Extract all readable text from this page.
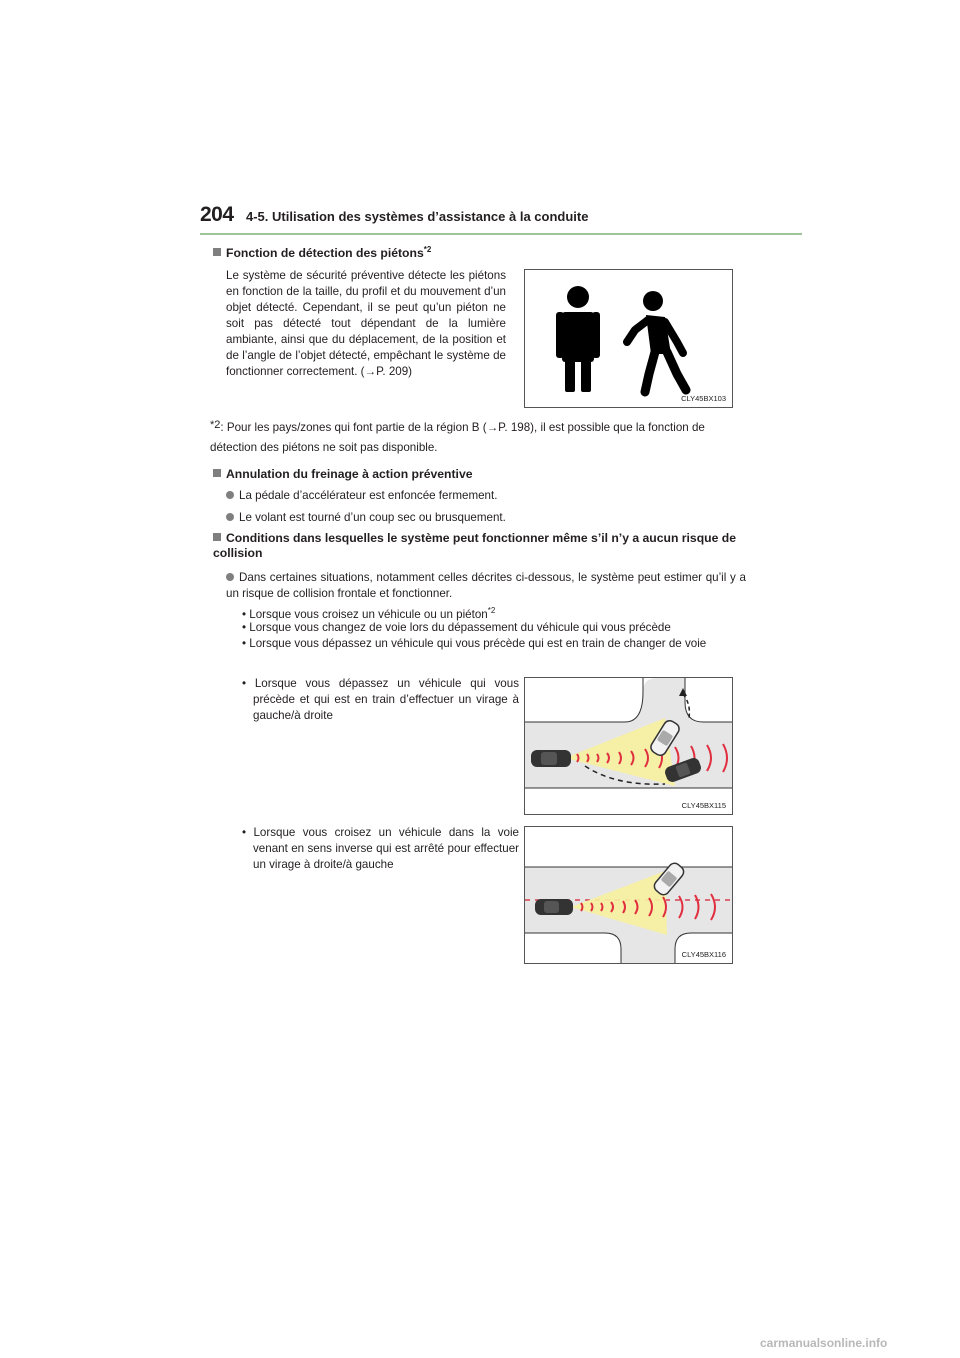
204 4-5. Utilisation des systèmes d’assistance à la conduite
Fonction de détection des piétons$^{*2}$
Le système de sécurité préventive détecte les piétons en fonction de la taille, du profil et du mouvement d’un objet détecté. Cependant, il se peut qu’un piéton ne soit pas détecté tout dépendant de la lumière ambiante, ainsi que du déplacement, de la position et de l’angle de l’objet détecté, empêchant le système de fonctionner correctement. (→P. 209)
CLY45BX103
*2: Pour les pays/zones qui font partie de la région B (→P. 198), il est possible que la fonction de détection des piétons ne soit pas disponible.
Annulation du freinage à action préventive
La pédale d’accélérateur est enfoncée fermement.
Le volant est tourné d’un coup sec ou brusquement.
Conditions dans lesquelles le système peut fonctionner même s’il n’y a aucun risque de collision
Dans certaines situations, notamment celles décrites ci-dessous, le système peut estimer qu’il y a un risque de collision frontale et fonctionner.
• Lorsque vous croisez un véhicule ou un piéton$^{*2}$
• Lorsque vous changez de voie lors du dépassement du véhicule qui vous précède
• Lorsque vous dépassez un véhicule qui vous précède qui est en train de changer de voie
• Lorsque vous dépassez un véhicule qui vous précède et qui est en train d’effectuer un virage à gauche/à droite
• Lorsque vous croisez un véhicule dans la voie venant en sens inverse qui est arrêté pour effectuer un virage à droite/à gauche
CLY45BX115
CLY45BX116
carmanualsonline.info
